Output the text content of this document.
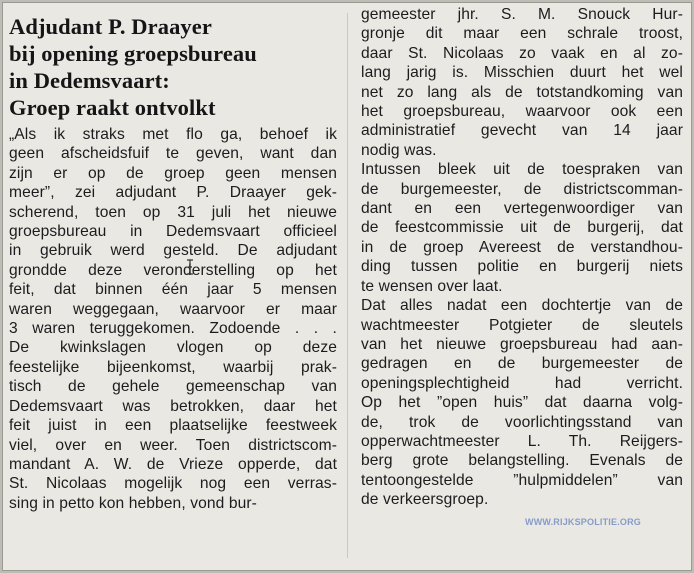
Adjudant P. Draayer
bij opening groepsbureau
in Dedemsvaart:
Groep raakt ontvolkt
„Als ik straks met flo ga, behoef ik
geen afscheidsfuif te geven, want dan
zijn er op de groep geen mensen
meer”, zei adjudant P. Draayer gek-
scherend, toen op 31 juli het nieuwe
groepsbureau in Dedemsvaart officieel
in gebruik werd gesteld. De adjudant
grondde deze veronderstelling op het
feit, dat binnen één jaar 5 mensen
waren weggegaan, waarvoor er maar
3 waren teruggekomen. Zodoende . . .
De kwinkslagen vlogen op deze
feestelijke bijeenkomst, waarbij prak-
tisch de gehele gemeenschap van
Dedemsvaart was betrokken, daar het
feit juist in een plaatselijke feestweek
viel, over en weer. Toen districtscom-
mandant A. W. de Vrieze opperde, dat
St. Nicolaas mogelijk nog een verras-
sing in petto kon hebben, vond bur-
gemeester jhr. S. M. Snouck Hur-
gronje dit maar een schrale troost,
daar St. Nicolaas zo vaak en al zo-
lang jarig is. Misschien duurt het wel
net zo lang als de totstandkoming van
het groepsbureau, waarvoor ook een
administratief gevecht van 14 jaar
nodig was.
Intussen bleek uit de toespraken van
de burgemeester, de districtscomman-
dant en een vertegenwoordiger van
de feestcommissie uit de burgerij, dat
in de groep Avereest de verstandhou-
ding tussen politie en burgerij niets
te wensen over laat.
Dat alles nadat een dochtertje van de
wachtmeester Potgieter de sleutels
van het nieuwe groepsbureau had aan-
gedragen en de burgemeester de
openingsplechtigheid had verricht.
Op het ”open huis” dat daarna volg-
de, trok de voorlichtingsstand van
opperwachtmeester L. Th. Reijgers-
berg grote belangstelling. Evenals de
tentoongestelde ”hulpmiddelen” van
de verkeersgroep.
WWW.RIJKSPOLITIE.ORG
